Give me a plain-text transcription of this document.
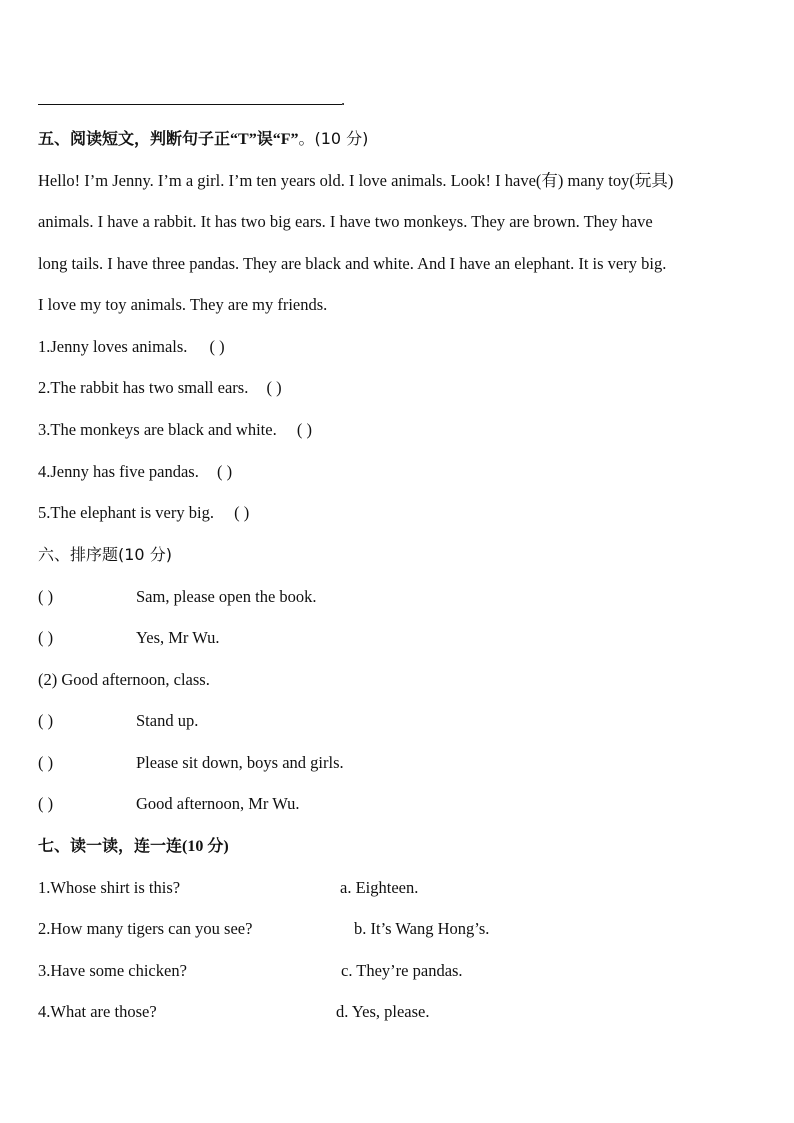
.
五、阅读短文，判断句子正“T”误“F”。(10 分)
Hello! I’m Jenny. I’m a girl. I’m ten years old. I love animals. Look! I have(有) many toy(玩具)
animals. I have a rabbit. It has two big ears. I have two monkeys. They are brown. They have
long tails. I have three pandas. They are black and white. And I have an elephant. It is very big.
I love my toy animals. They are my friends.
1.Jenny loves animals. ( )
2.The rabbit has two small ears. ( )
3.The monkeys are black and white. ( )
4.Jenny has five pandas. ( )
5.The elephant is very big. ( )
六、排序题(10 分)
( )	Sam, please open the book.
( )	Yes, Mr Wu.
(2) Good afternoon, class.
( )	Stand up.
( )	Please sit down, boys and girls.
( )	Good afternoon, Mr Wu.
七、读一读，连一连(10 分)
1.Whose shirt is this?	a. Eighteen.
2.How many tigers can you see?	b. It’s Wang Hong’s.
3.Have some chicken?	c. They’re pandas.
4.What are those?	d. Yes, please.
